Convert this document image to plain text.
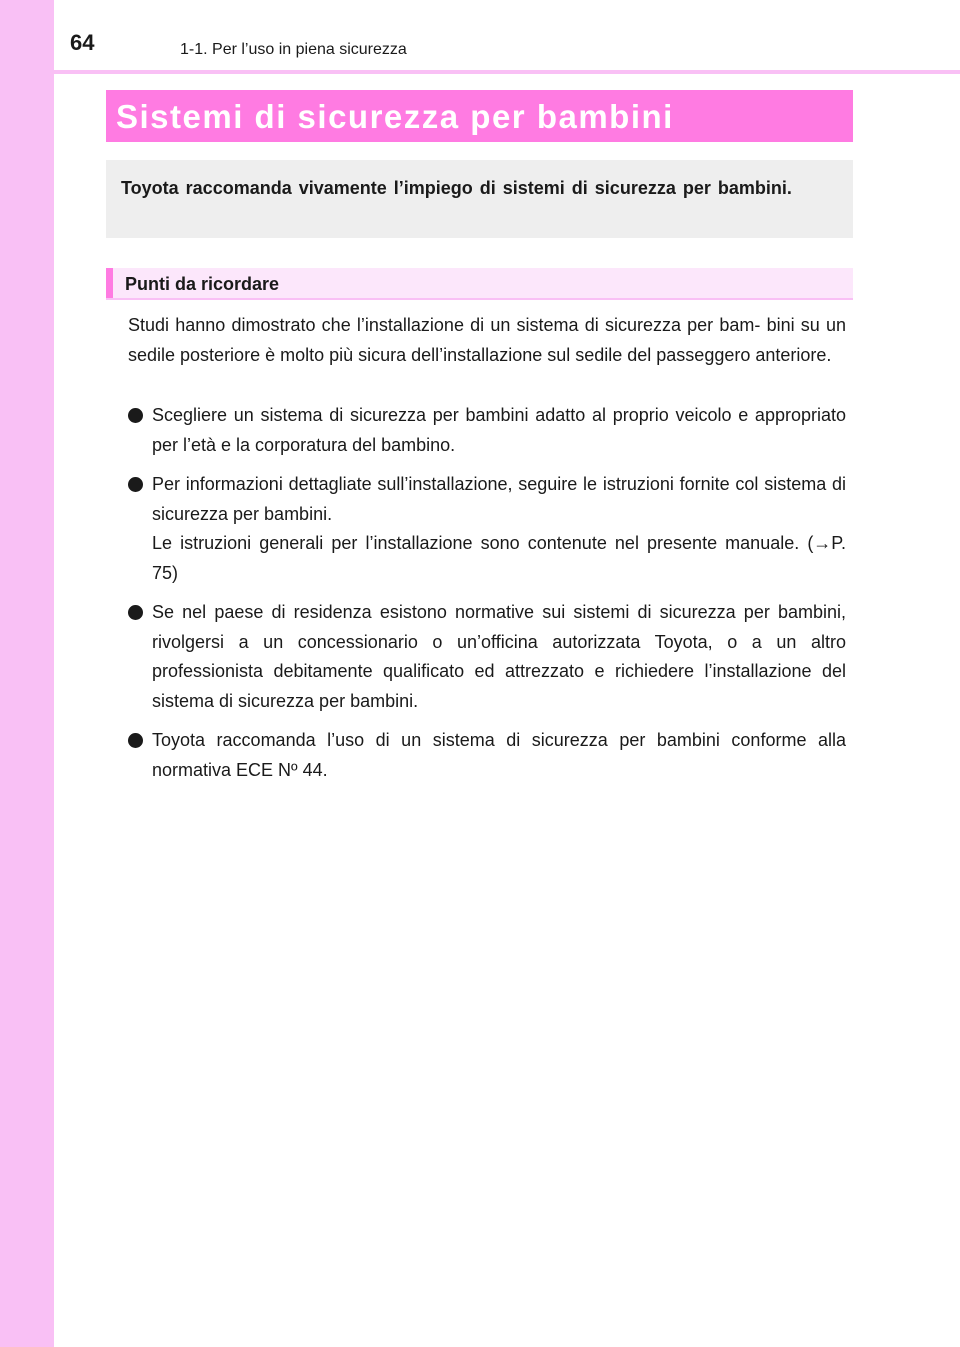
64	1-1. Per l’uso in piena sicurezza
Sistemi di sicurezza per bambini

Toyota raccomanda vivamente l’impiego di sistemi di sicurezza per bambini.

Punti da ricordare

Studi hanno dimostrato che l’installazione di un sistema di sicurezza per bam- bini su un sedile posteriore è molto più sicura dell’installazione sul sedile del passeggero anteriore.

Scegliere un sistema di sicurezza per bambini adatto al proprio veicolo e appropriato per l’età e la corporatura del bambino.

Per informazioni dettagliate sull’installazione, seguire le istruzioni fornite col sistema di sicurezza per bambini.

Le istruzioni generali per l’installazione sono contenute nel presente manuale. (→P. 75)

Se nel paese di residenza esistono normative sui sistemi di sicurezza per bambini, rivolgersi a un concessionario o un’officina autorizzata Toyota, o a un altro professionista debitamente qualificato ed attrezzato e richiedere l’installazione del sistema di sicurezza per bambini.

Toyota raccomanda l’uso di un sistema di sicurezza per bambini conforme alla normativa ECE Nº 44.
